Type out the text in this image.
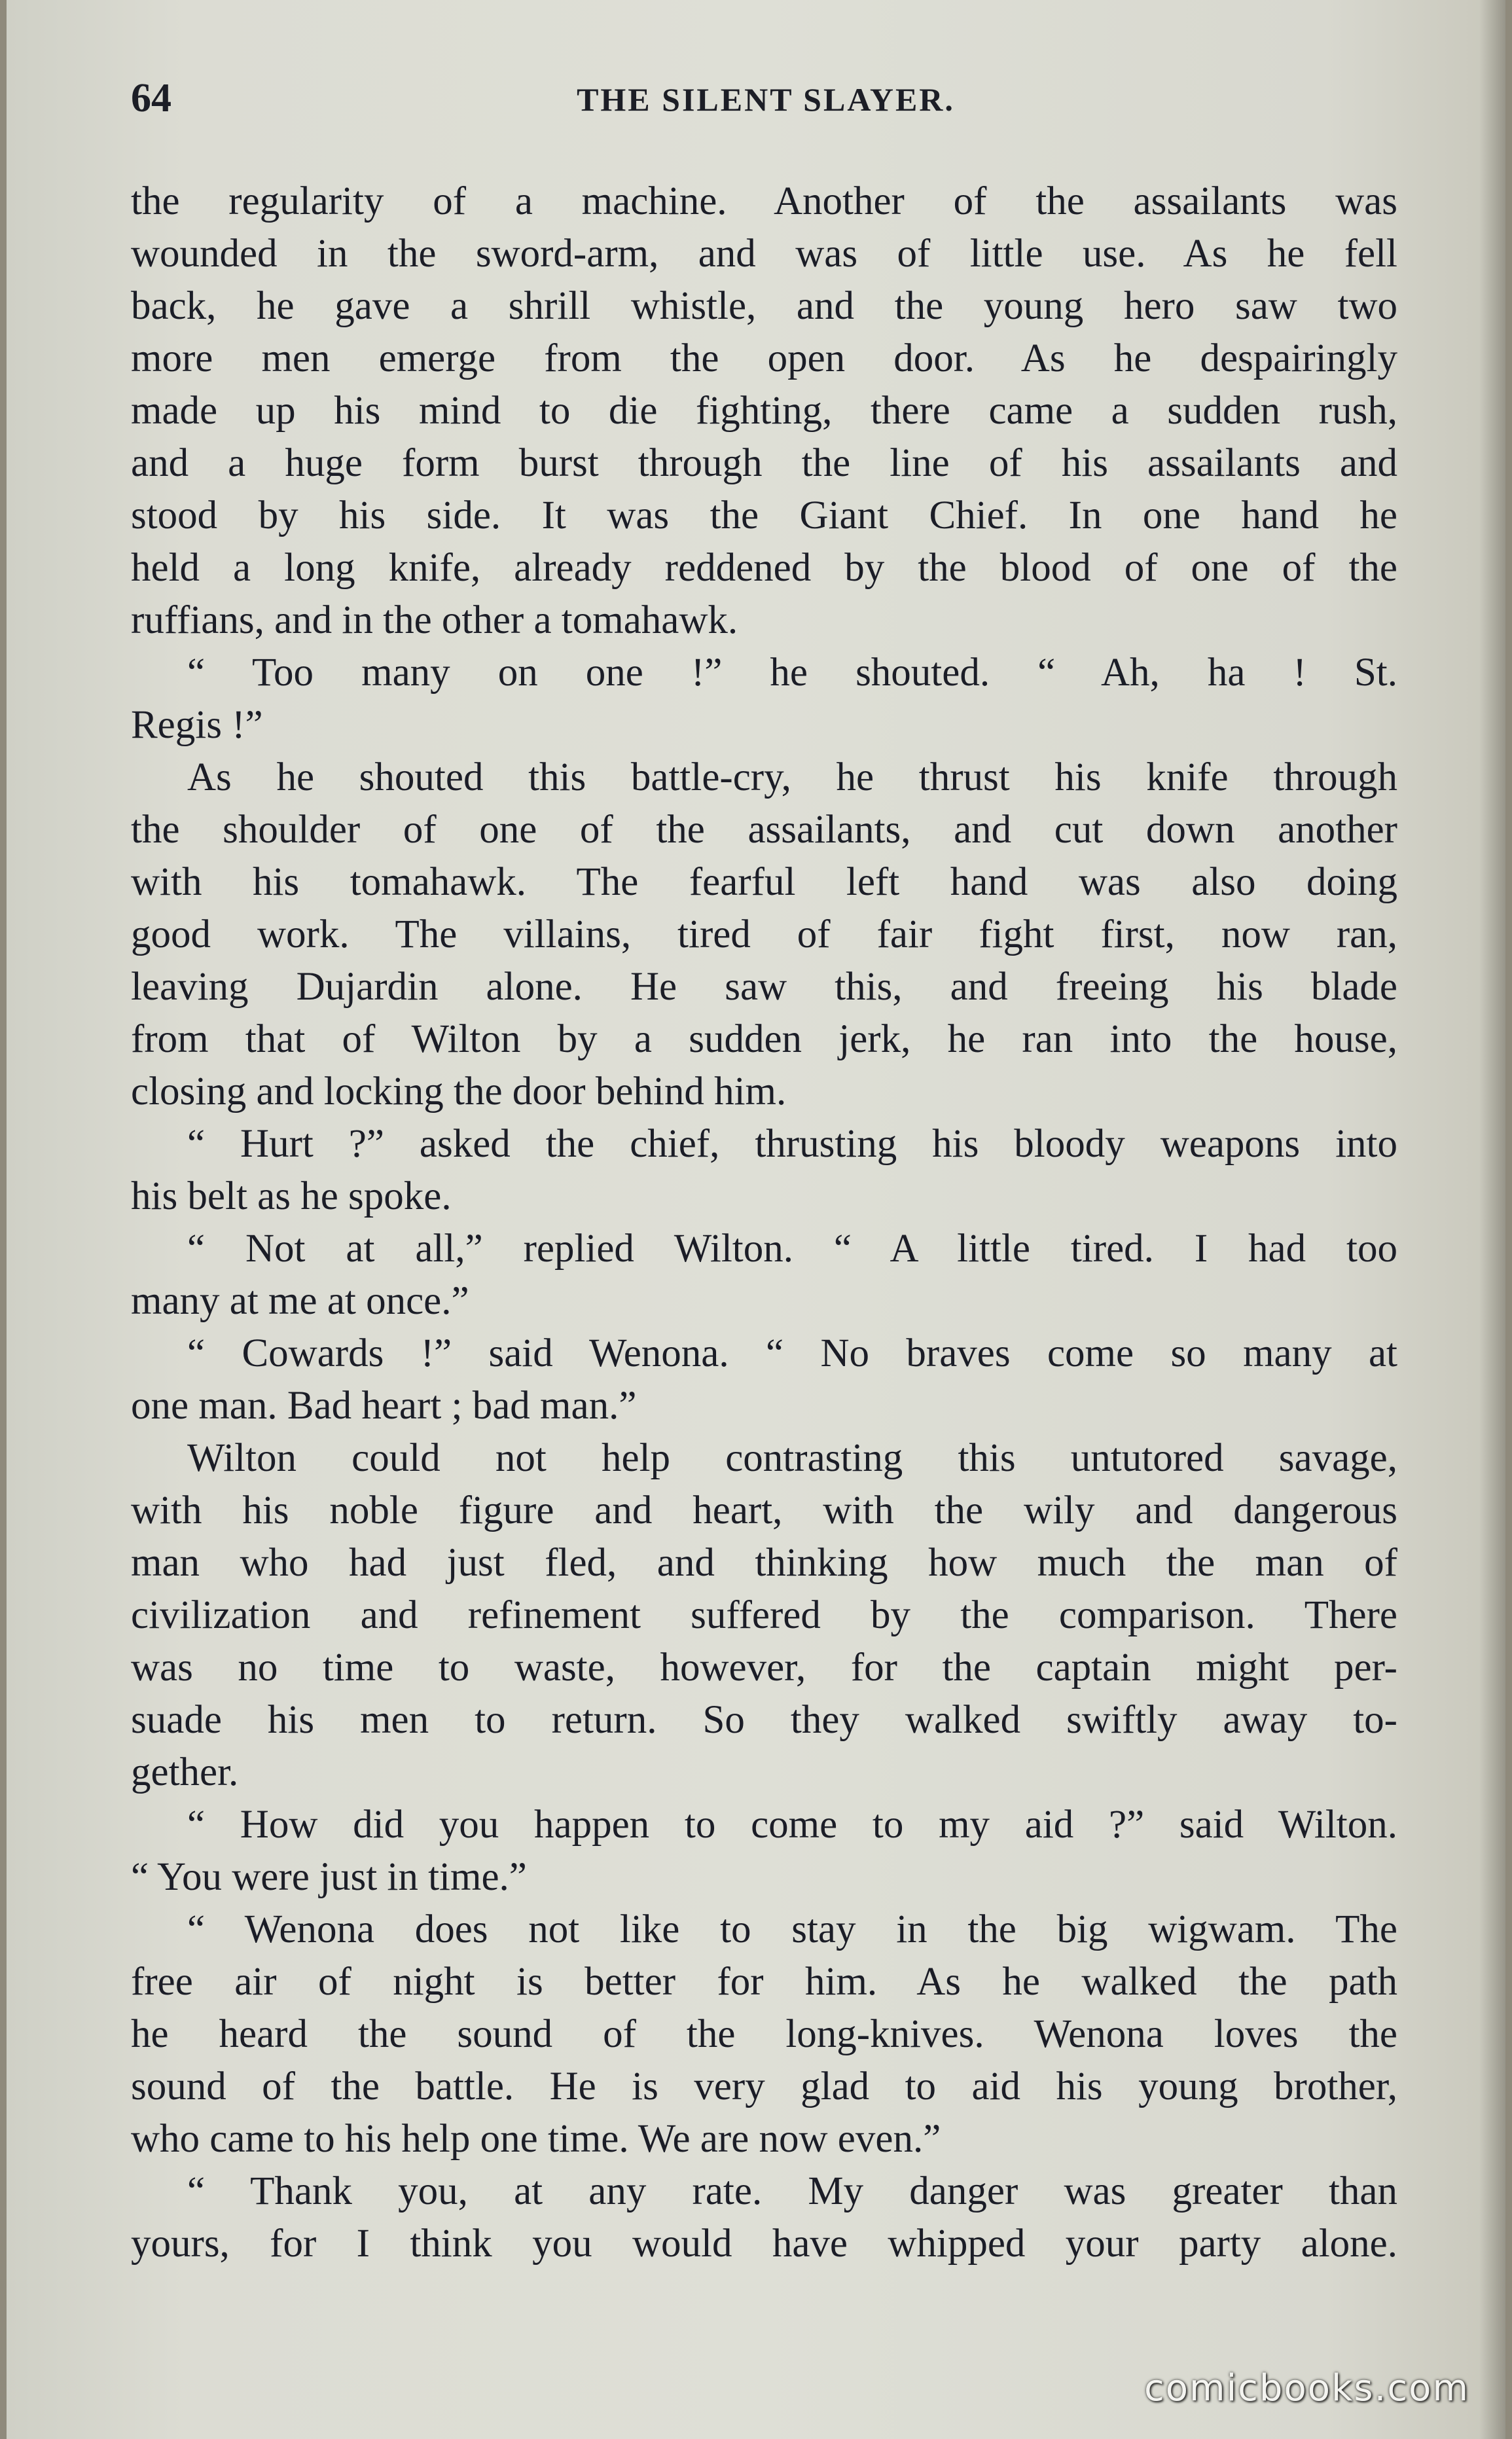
64	THE SILENT SLAYER.
the regularity of a machine. Another of the assailants was
wounded in the sword-arm, and was of little use. As he fell
back, he gave a shrill whistle, and the young hero saw two
more men emerge from the open door. As he despairingly
made up his mind to die fighting, there came a sudden rush,
and a huge form burst through the line of his assailants and
stood by his side. It was the Giant Chief. In one hand he
held a long knife, already reddened by the blood of one of the
ruffians, and in the other a tomahawk.
“ Too many on one !” he shouted. “ Ah, ha ! St.
Regis !”
As he shouted this battle-cry, he thrust his knife through
the shoulder of one of the assailants, and cut down another
with his tomahawk. The fearful left hand was also doing
good work. The villains, tired of fair fight first, now ran,
leaving Dujardin alone. He saw this, and freeing his blade
from that of Wilton by a sudden jerk, he ran into the house,
closing and locking the door behind him.
“ Hurt ?” asked the chief, thrusting his bloody weapons into
his belt as he spoke.
“ Not at all,” replied Wilton. “ A little tired. I had too
many at me at once.”
“ Cowards !” said Wenona. “ No braves come so many at
one man. Bad heart ; bad man.”
Wilton could not help contrasting this untutored savage,
with his noble figure and heart, with the wily and dangerous
man who had just fled, and thinking how much the man of
civilization and refinement suffered by the comparison. There
was no time to waste, however, for the captain might per-
suade his men to return. So they walked swiftly away to-
gether.
“ How did you happen to come to my aid ?” said Wilton.
“ You were just in time.”
“ Wenona does not like to stay in the big wigwam. The
free air of night is better for him. As he walked the path
he heard the sound of the long-knives. Wenona loves the
sound of the battle. He is very glad to aid his young brother,
who came to his help one time. We are now even.”
“ Thank you, at any rate. My danger was greater than
yours, for I think you would have whipped your party alone.
comicbooks.com
